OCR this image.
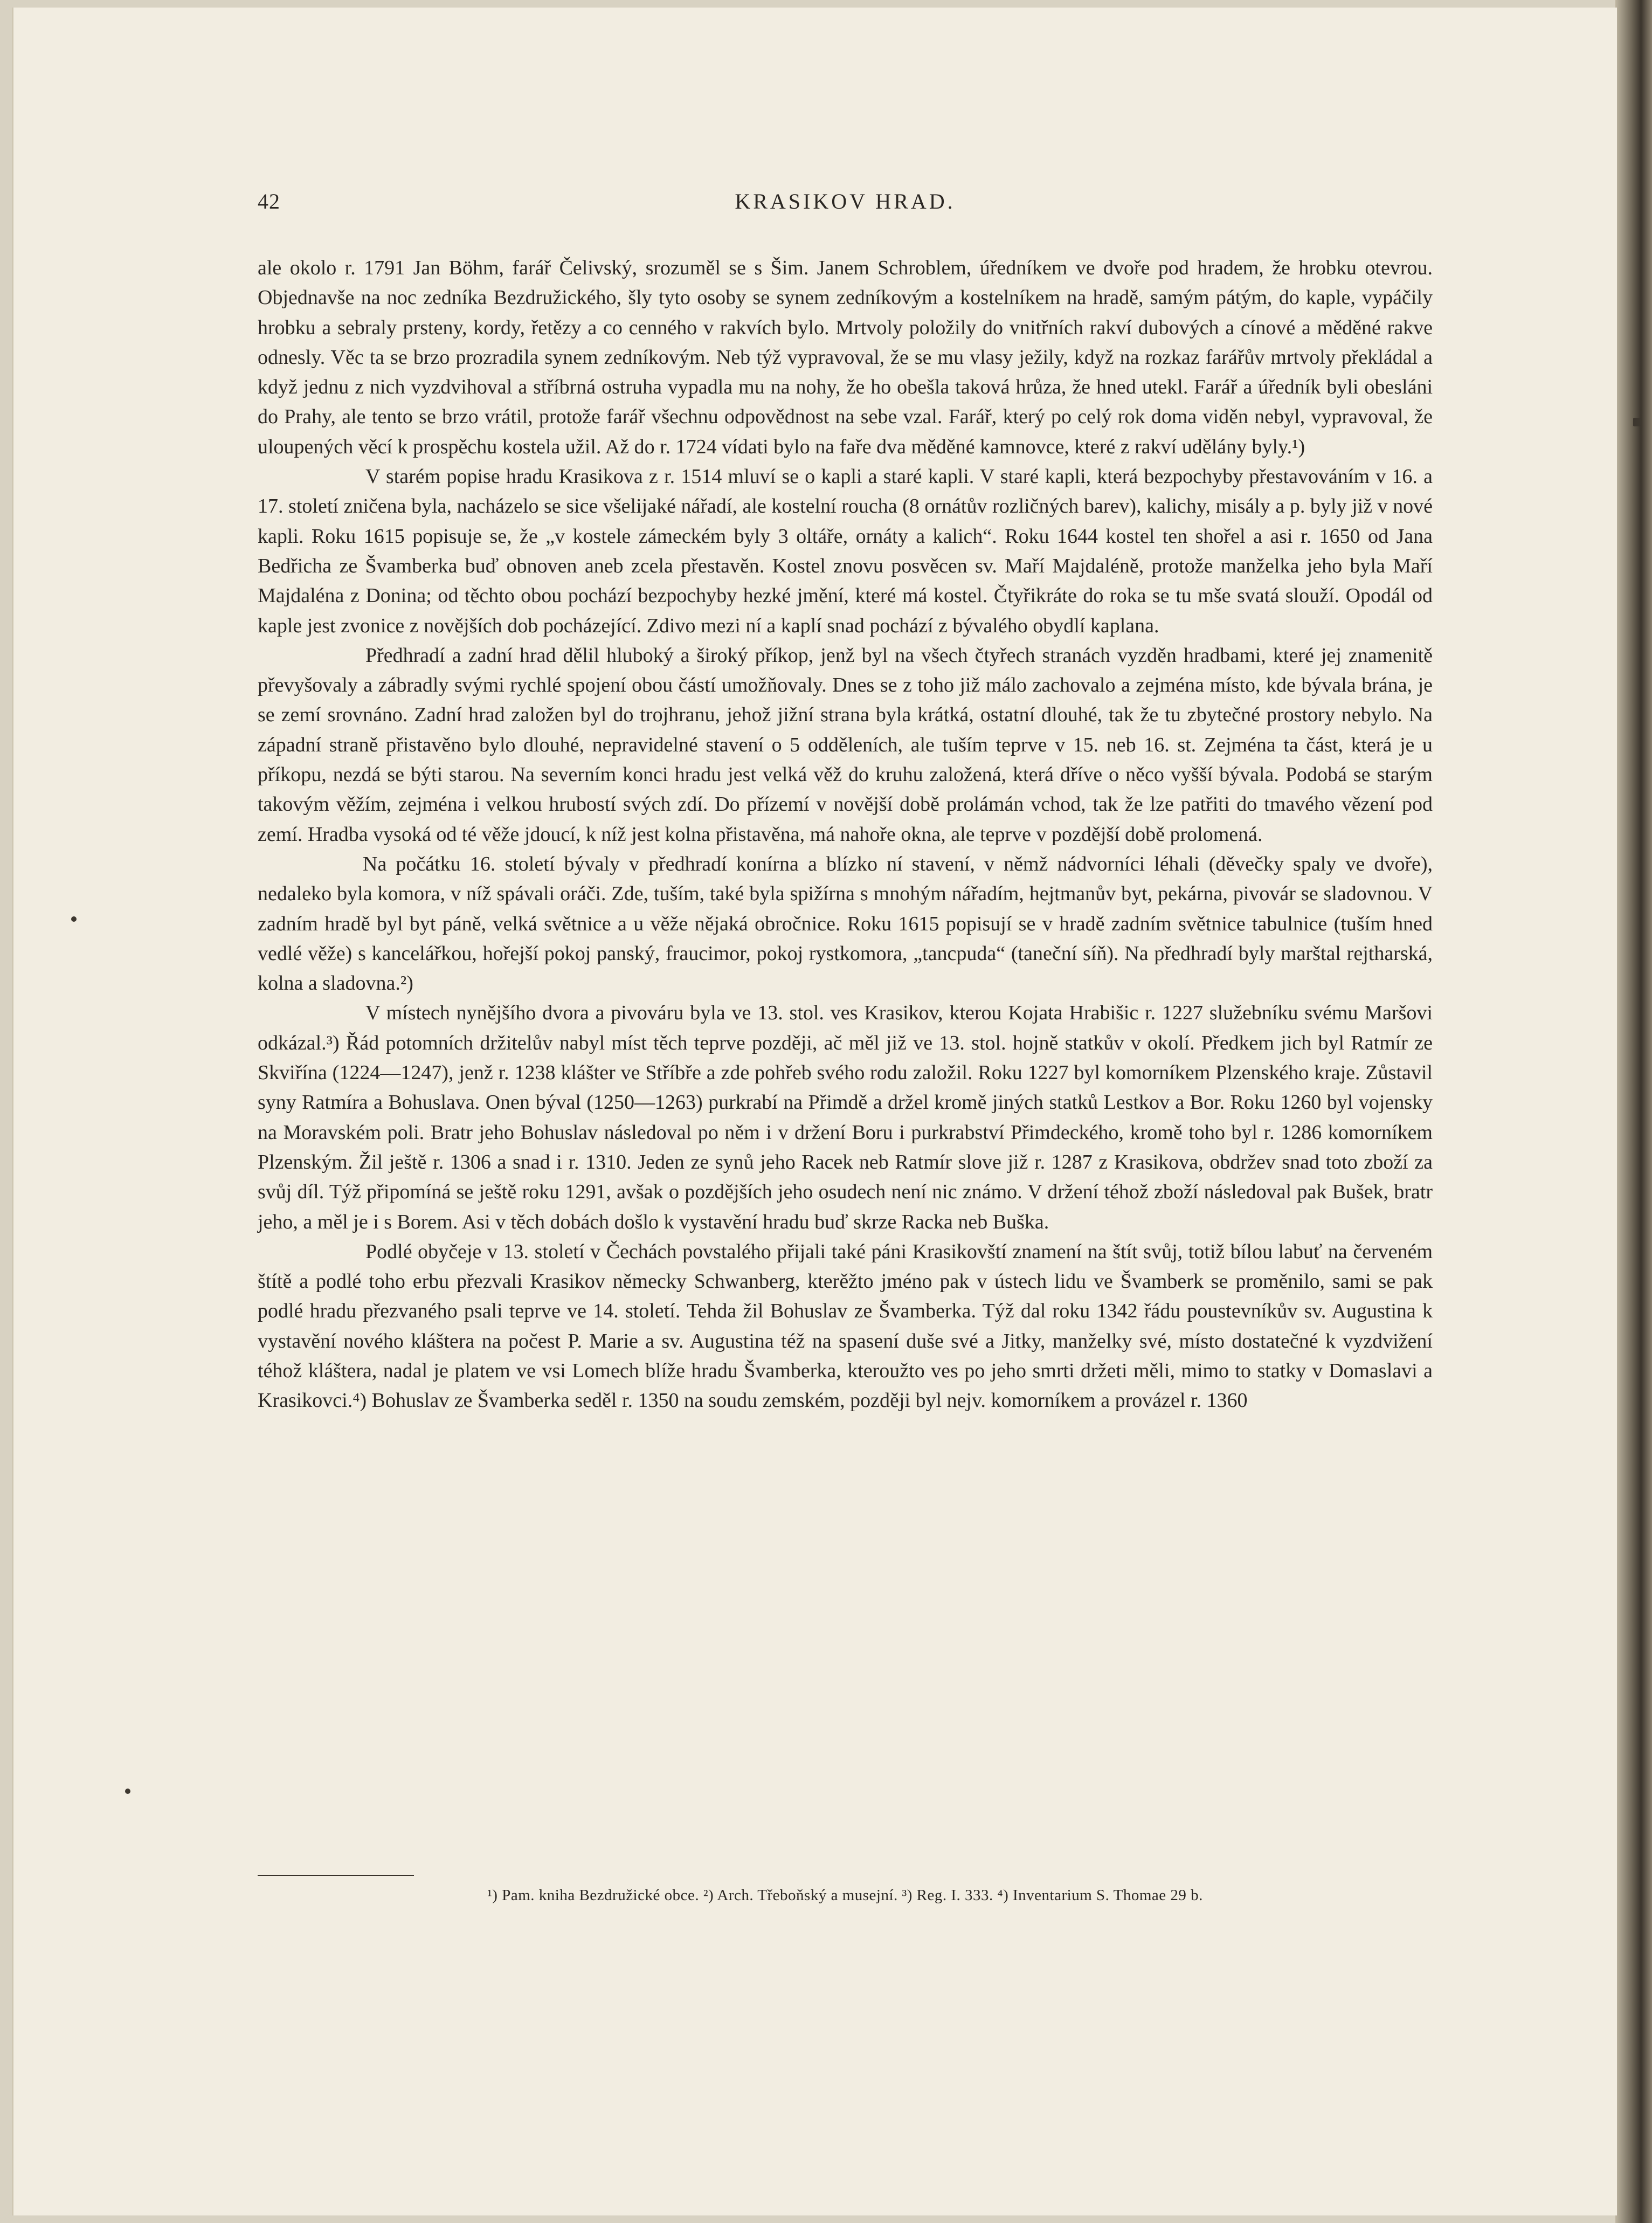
KRASIKOV HRAD.
42

ale okolo r. 1791 Jan Böhm, farář Čelivský, srozuměl se s Šim. Janem Schroblem, úředníkem ve dvoře pod hradem, že hrobku otevrou. Objednavše na noc zedníka Bezdružického, šly tyto osoby se synem zedníkovým a kostelníkem na hradě, samým pátým, do kaple, vypáčily hrobku a sebraly prsteny, kordy, řetězy a co cenného v rakvích bylo. Mrtvoly položily do vnitřních rakví dubových a cínové a měděné rakve odnesly. Věc ta se brzo prozradila synem zedníkovým. Neb týž vypravoval, že se mu vlasy ježily, když na rozkaz farářův mrtvoly překládal a když jednu z nich vyzdvihoval a stříbrná ostruha vypadla mu na nohy, že ho obešla taková hrůza, že hned utekl. Farář a úředník byli obesláni do Prahy, ale tento se brzo vrátil, protože farář všechnu odpovědnost na sebe vzal. Farář, který po celý rok doma viděn nebyl, vypravoval, že uloupených věcí k prospěchu kostela užil. Až do r. 1724 vídati bylo na faře dva měděné kamnovce, které z rakví udělány byly.¹)

V starém popise hradu Krasikova z r. 1514 mluví se o kapli a staré kapli. V staré kapli, která bezpochyby přestavováním v 16. a 17. století zničena byla, nacházelo se sice všelijaké nářadí, ale kostelní roucha (8 ornátův rozličných barev), kalichy, misály a p. byly již v nové kapli. Roku 1615 popisuje se, že „v kostele zámeckém byly 3 oltáře, ornáty a kalich“. Roku 1644 kostel ten shořel a asi r. 1650 od Jana Bedřicha ze Švamberka buď obnoven aneb zcela přestavěn. Kostel znovu posvěcen sv. Maří Majdaléně, protože manželka jeho byla Maří Majdaléna z Donina; od těchto obou pochází bezpochyby hezké jmění, které má kostel. Čtyřikráte do roka se tu mše svatá slouží. Opodál od kaple jest zvonice z novějších dob pocházející. Zdivo mezi ní a kaplí snad pochází z bývalého obydlí kaplana.

Předhradí a zadní hrad dělil hluboký a široký příkop, jenž byl na všech čtyřech stranách vyzděn hradbami, které jej znamenitě převyšovaly a zábradly svými rychlé spojení obou částí umožňovaly. Dnes se z toho již málo zachovalo a zejména místo, kde bývala brána, je se zemí srovnáno. Zadní hrad založen byl do trojhranu, jehož jižní strana byla krátká, ostatní dlouhé, tak že tu zbytečné prostory nebylo. Na západní straně přistavěno bylo dlouhé, nepravidelné stavení o 5 odděleních, ale tuším teprve v 15. neb 16. st. Zejména ta část, která je u příkopu, nezdá se býti starou. Na severním konci hradu jest velká věž do kruhu založená, která dříve o něco vyšší bývala. Podobá se starým takovým věžím, zejména i velkou hrubostí svých zdí. Do přízemí v novější době prolámán vchod, tak že lze patřiti do tmavého vězení pod zemí. Hradba vysoká od té věže jdoucí, k níž jest kolna přistavěna, má nahoře okna, ale teprve v pozdější době prolomená.

Na počátku 16. století bývaly v předhradí konírna a blízko ní stavení, v němž nádvorníci léhali (děvečky spaly ve dvoře), nedaleko byla komora, v níž spávali oráči. Zde, tuším, také byla spižírna s mnohým nářadím, hejtmanův byt, pekárna, pivovár se sladovnou. V zadním hradě byl byt páně, velká světnice a u věže nějaká obročnice. Roku 1615 popisují se v hradě zadním světnice tabulnice (tuším hned vedlé věže) s kancelářkou, hořejší pokoj panský, fraucimor, pokoj rystkomora, „tancpuda“ (taneční síň). Na předhradí byly marštal rejtharská, kolna a sladovna.²)

V místech nynějšího dvora a pivováru byla ve 13. stol. ves Krasikov, kterou Kojata Hrabišic r. 1227 služebníku svému Maršovi odkázal.³) Řád potomních držitelův nabyl míst těch teprve později, ač měl již ve 13. stol. hojně statkův v okolí. Předkem jich byl Ratmír ze Skviřína (1224—1247), jenž r. 1238 klášter ve Stříbře a zde pohřeb svého rodu založil. Roku 1227 byl komorníkem Plzenského kraje. Zůstavil syny Ratmíra a Bohuslava. Onen býval (1250—1263) purkrabí na Přimdě a držel kromě jiných statků Lestkov a Bor. Roku 1260 byl vojensky na Moravském poli. Bratr jeho Bohuslav následoval po něm i v držení Boru i purkrabství Přimdeckého, kromě toho byl r. 1286 komorníkem Plzenským. Žil ještě r. 1306 a snad i r. 1310. Jeden ze synů jeho Racek neb Ratmír slove již r. 1287 z Krasikova, obdržev snad toto zboží za svůj díl. Týž připomíná se ještě roku 1291, avšak o pozdějších jeho osudech není nic známo. V držení téhož zboží následoval pak Bušek, bratr jeho, a měl je i s Borem. Asi v těch dobách došlo k vystavění hradu buď skrze Racka neb Buška.

Podlé obyčeje v 13. století v Čechách povstalého přijali také páni Krasikovští znamení na štít svůj, totiž bílou labuť na červeném štítě a podlé toho erbu přezvali Krasikov německy Schwanberg, kterěžto jméno pak v ústech lidu ve Švamberk se proměnilo, sami se pak podlé hradu přezvaného psali teprve ve 14. století. Tehda žil Bohuslav ze Švamberka. Týž dal roku 1342 řádu poustevníkův sv. Augustina k vystavění nového kláštera na počest P. Marie a sv. Augustina též na spasení duše své a Jitky, manželky své, místo dostatečné k vyzdvižení téhož kláštera, nadal je platem ve vsi Lomech blíže hradu Švamberka, kteroužto ves po jeho smrti držeti měli, mimo to statky v Domaslavi a Krasikovci.⁴) Bohuslav ze Švamberka seděl r. 1350 na soudu zemském, později byl nejv. komorníkem a provázel r. 1360

¹) Pam. kniha Bezdružické obce. ²) Arch. Třeboňský a musejní. ³) Reg. I. 333. ⁴) Inventarium S. Thomae 29 b.
